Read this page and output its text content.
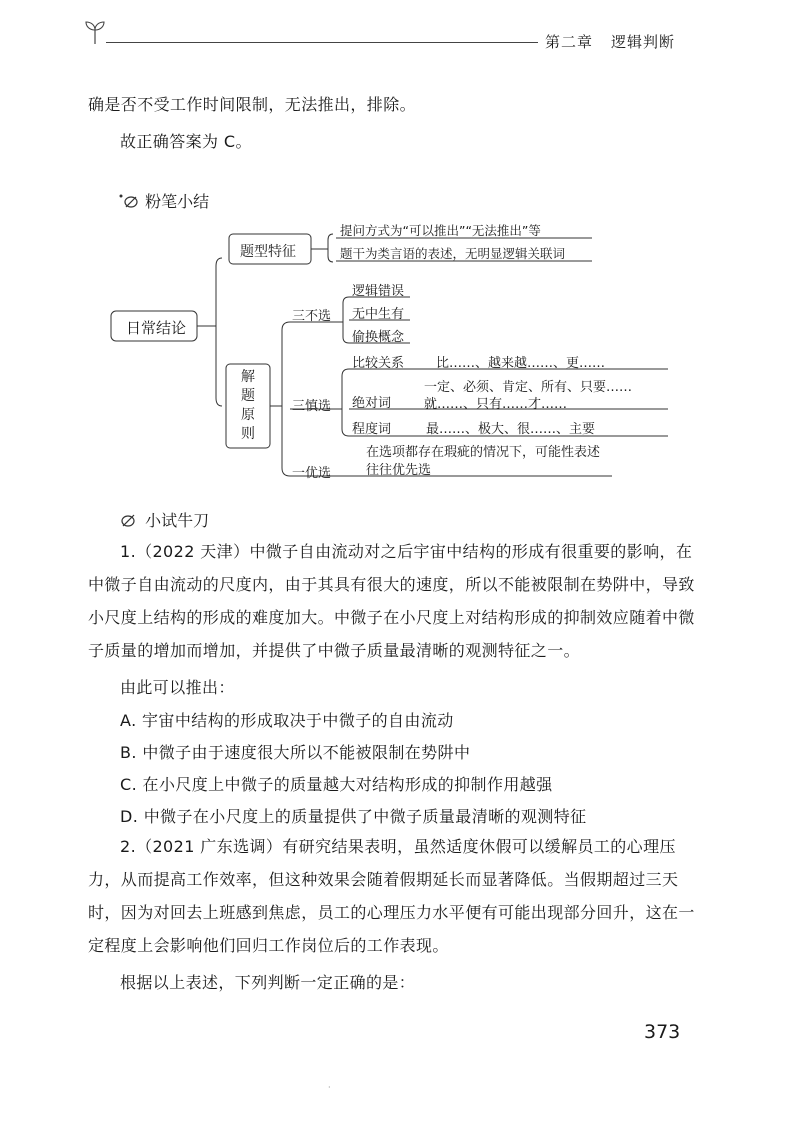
第二章 逻辑判断
确是否不受工作时间限制，无法推出，排除。
故正确答案为 C。
粉笔小结
日常结论
题型特征
提问方式为“可以推出”“无法推出”等
题干为类言语的表述，无明显逻辑关联词
解
题
原
则
三不选
逻辑错误
无中生有
偷换概念
三慎选
比较关系 比……、越来越……、更……
绝对词
一定、必须、肯定、所有、只要……
就……、只有……才……
程度词	最……、极大、很……、主要
一优选
在选项都存在瑕疵的情况下，可能性表述
往往优先选
小试牛刀
1.（2022 天津）中微子自由流动对之后宇宙中结构的形成有很重要的影响，在中微子自由流动的尺度内，由于其具有很大的速度，所以不能被限制在势阱中，导致小尺度上结构的形成的难度加大。中微子在小尺度上对结构形成的抑制效应随着中微子质量的增加而增加，并提供了中微子质量最清晰的观测特征之一。
由此可以推出：
A. 宇宙中结构的形成取决于中微子的自由流动
B. 中微子由于速度很大所以不能被限制在势阱中
C. 在小尺度上中微子的质量越大对结构形成的抑制作用越强
D. 中微子在小尺度上的质量提供了中微子质量最清晰的观测特征
2.（2021 广东选调）有研究结果表明，虽然适度休假可以缓解员工的心理压力，从而提高工作效率，但这种效果会随着假期延长而显著降低。当假期超过三天时，因为对回去上班感到焦虑，员工的心理压力水平便有可能出现部分回升，这在一定程度上会影响他们回归工作岗位后的工作表现。
根据以上表述，下列判断一定正确的是：
373
·
